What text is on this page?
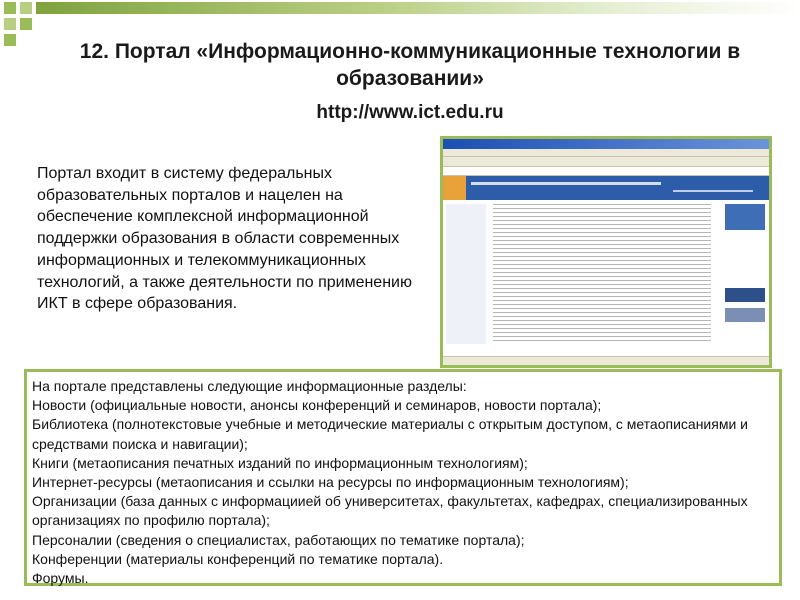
12. Портал «Информационно-коммуникационные технологии в образовании»
http://www.ict.edu.ru
Портал входит в систему федеральных образовательных порталов и нацелен на обеспечение комплексной информационной поддержки образования в области современных информационных и телекоммуникационных технологий, а также деятельности по применению ИКТ в сфере образования.
На портале представлены следующие информационные разделы:
Новости (официальные новости, анонсы конференций и семинаров, новости портала);
Библиотека (полнотекстовые учебные и методические материалы с открытым доступом, с метаописаниями и средствами поиска и навигации);
Книги (метаописания печатных изданий по информационным технологиям);
Интернет-ресурсы (метаописания и ссылки на ресурсы по информационным технологиям);
Организации (база данных с информациией об университетах, факультетах, кафедрах, специализированных организациях по профилю портала);
Персоналии (сведения о специалистах, работающих по тематике портала);
Конференции (материалы конференций по тематике портала).
Форумы.
